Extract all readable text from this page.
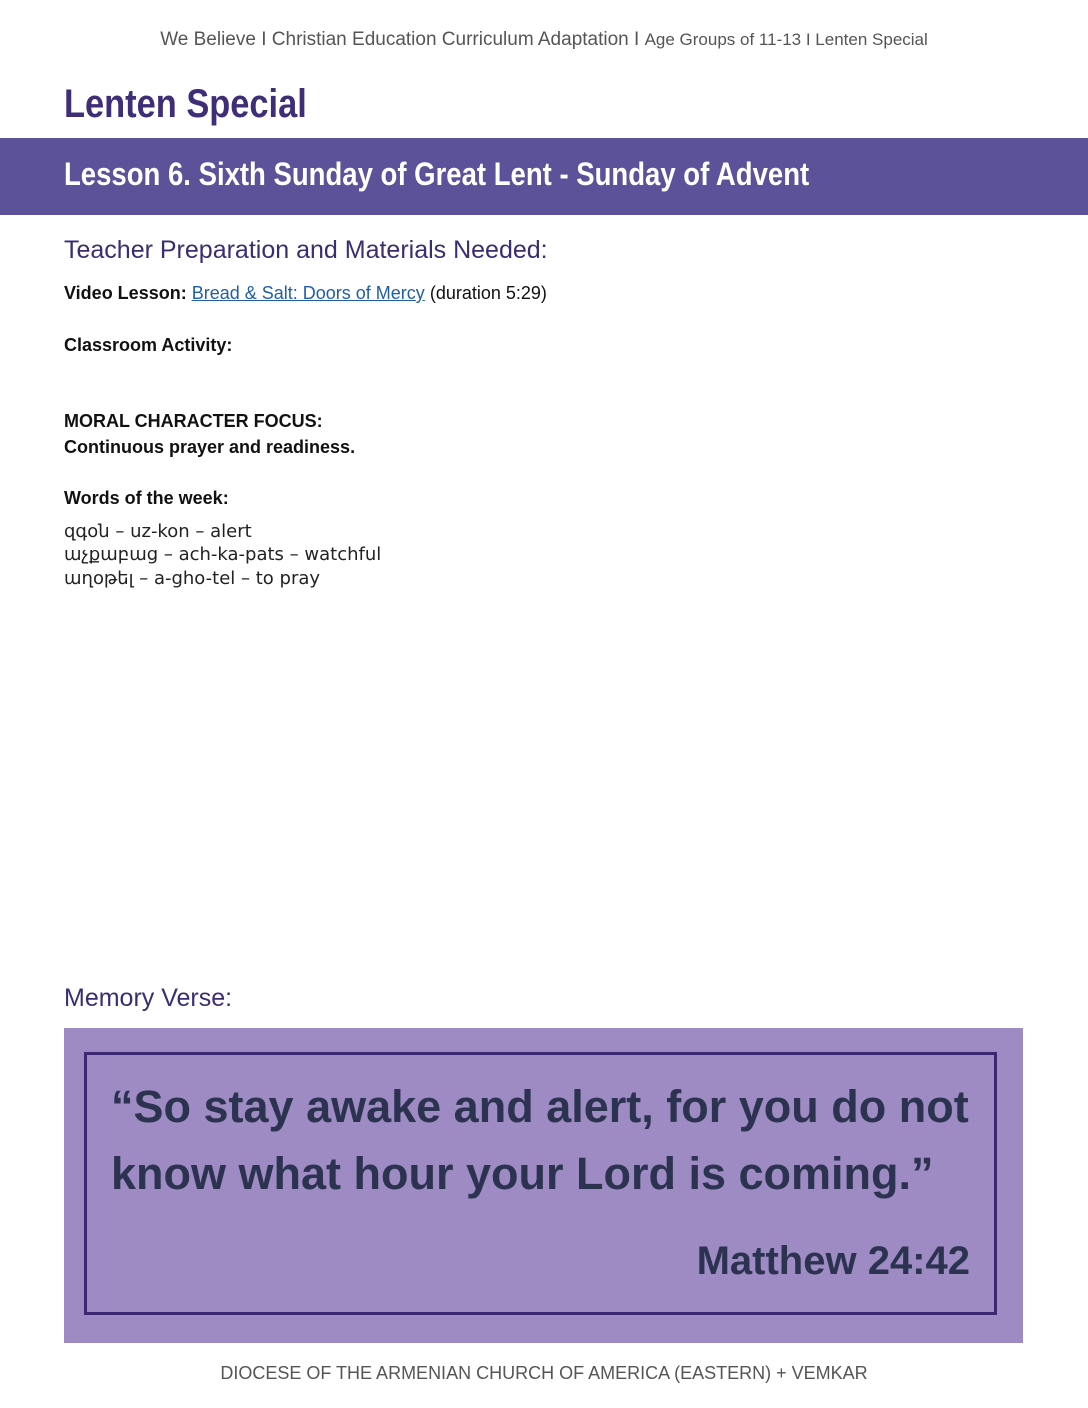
We Believe I Christian Education Curriculum Adaptation I Age Groups of 11-13 I Lenten Special
Lenten Special
Lesson 6. Sixth Sunday of Great Lent - Sunday of Advent
Teacher Preparation and Materials Needed:
Video Lesson: Bread & Salt: Doors of Mercy (duration 5:29)
Classroom Activity:
MORAL CHARACTER FOCUS:
Continuous prayer and readiness.
Words of the week:
զգօն – uz-kon – alert
աչքաբաց – ach-ka-pats – watchful
աղօթել – a-gho-tel – to pray
Memory Verse:
“So stay awake and alert, for you do not
know what hour your Lord is coming.”
Matthew 24:42
DIOCESE OF THE ARMENIAN CHURCH OF AMERICA (EASTERN) + VEMKAR
